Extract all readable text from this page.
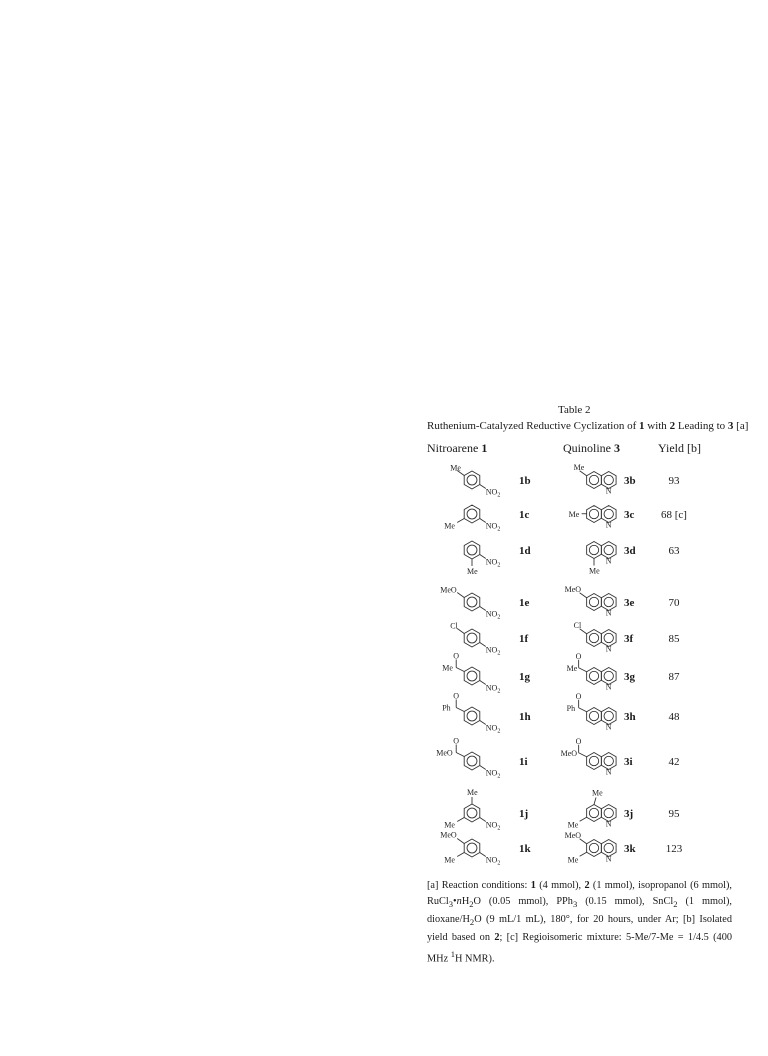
Table 2
Ruthenium-Catalyzed Reductive Cyclization of 1 with 2 Leading to 3 [a]
Nitroarene 1	Quinoline 3	Yield [b]
1b	3b	93
1c	3c	68 [c]
1d	3d	63
1e	3e	70
1f	3f	85
1g	3g	87
1h	3h	48
1i	3i	42
1j	3j	95
1k	3k	123
$NO_2$
Me
N
Me
$NO_2$
Me	N
Me
$NO_2$
Me
N
Me
$NO_2$
MeO
N
MeO
$NO_2$
Cl
N
Cl
$NO_2$
O
Me
N
O
Me
$NO_2$
O
Ph
N
O
Ph
$NO_2$
O
MeO
N
O
MeO
$NO_2$
Me
Me	N
Me
Me
$NO_2$
MeO
Me	N
MeO
Me
[a] Reaction conditions: 1 (4 mmol), 2 (1 mmol), isopropanol (6 mmol), $RuCl_3•nH_2O$ (0.05 mmol), PPh$_3$ (0.15 mmol), SnCl$_2$ (1 mmol), dioxane/$H_2O$ (9 mL/1 mL), 180°, for 20 hours, under Ar; [b] Isolated yield based on 2; [c] Regioisomeric mixture: 5-Me/7-Me = 1/4.5 (400 MHz $^1$H NMR).
